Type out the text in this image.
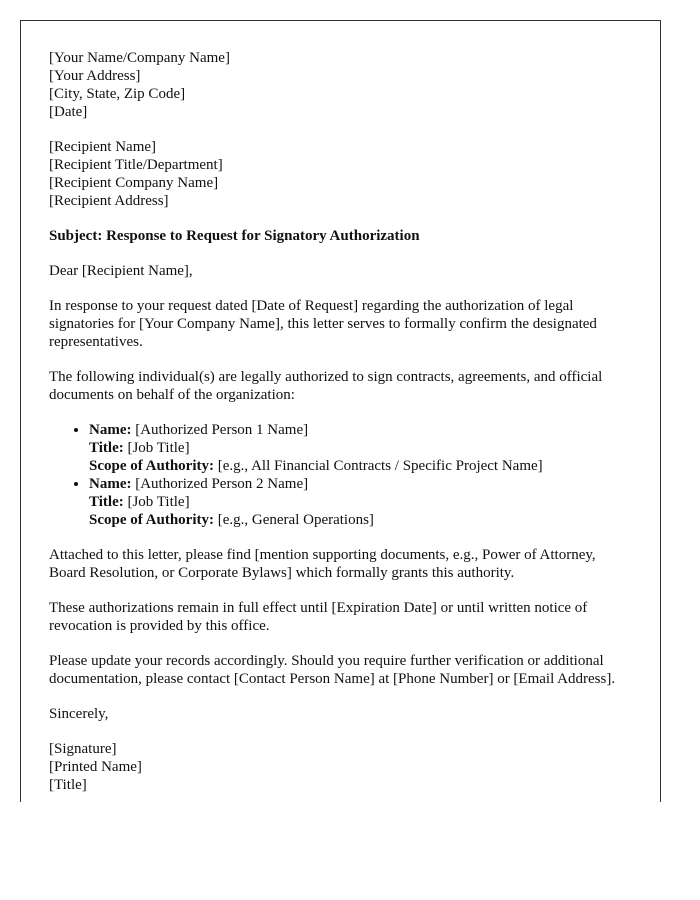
[Your Name/Company Name]
[Your Address]
[City, State, Zip Code]
[Date]

[Recipient Name]
[Recipient Title/Department]
[Recipient Company Name]
[Recipient Address]

Subject: Response to Request for Signatory Authorization

Dear [Recipient Name],

In response to your request dated [Date of Request] regarding the authorization of legal signatories for [Your Company Name], this letter serves to formally confirm the designated representatives.

The following individual(s) are legally authorized to sign contracts, agreements, and official documents on behalf of the organization:

• Name: [Authorized Person 1 Name]
Title: [Job Title]
Scope of Authority: [e.g., All Financial Contracts / Specific Project Name]
• Name: [Authorized Person 2 Name]
Title: [Job Title]
Scope of Authority: [e.g., General Operations]

Attached to this letter, please find [mention supporting documents, e.g., Power of Attorney, Board Resolution, or Corporate Bylaws] which formally grants this authority.

These authorizations remain in full effect until [Expiration Date] or until written notice of revocation is provided by this office.

Please update your records accordingly. Should you require further verification or additional documentation, please contact [Contact Person Name] at [Phone Number] or [Email Address].

Sincerely,

[Signature]
[Printed Name]
[Title]
